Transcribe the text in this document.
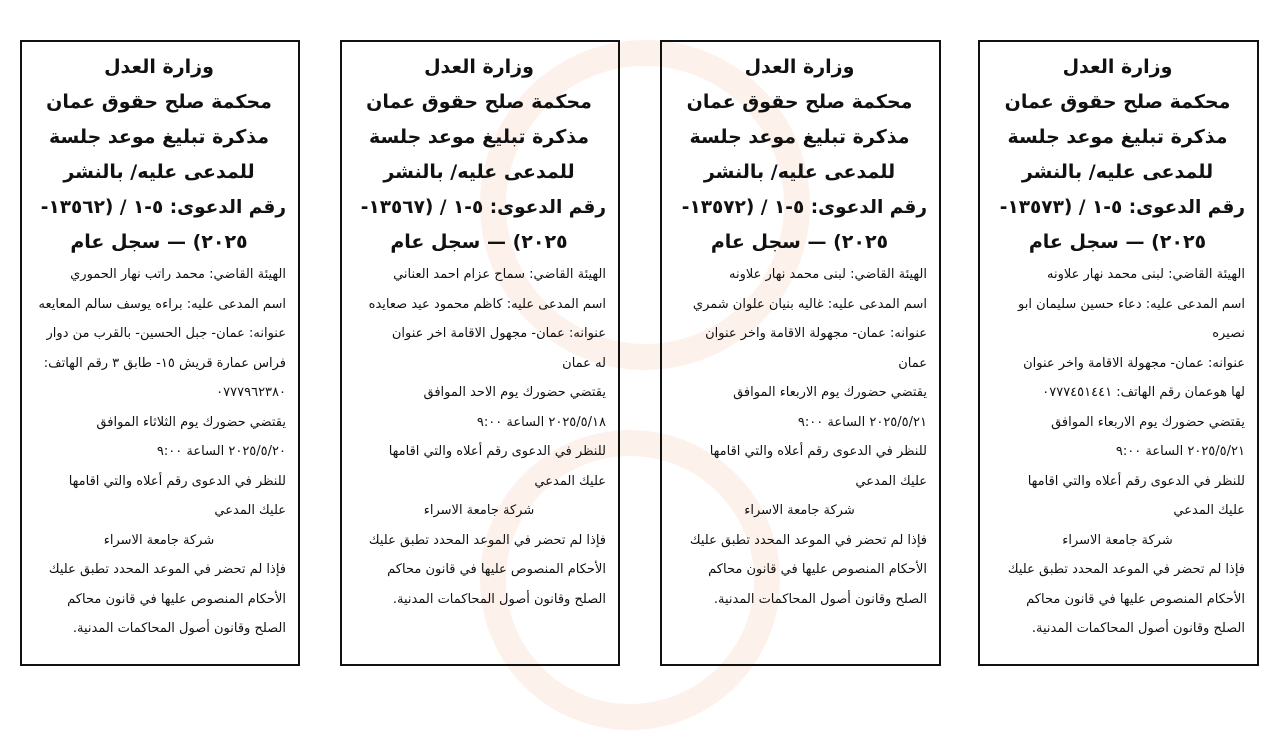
وزارة العدل

محكمة صلح حقوق عمان

مذكرة تبليغ موعد جلسة

للمدعى عليه/ بالنشر

رقم الدعوى: ٥-١ / (١٣٥٧٣-

٢٠٢٥) — سجل عام

الهيئة القاضي: لبنى محمد نهار علاونه

اسم المدعى عليه: دعاء حسين سليمان ابو

نصيره

عنوانه: عمان- مجهولة الاقامة واخر عنوان

لها هوعمان رقم الهاتف: ٠٧٧٧٤٥١٤٤١

يقتضي حضورك يوم الاربعاء الموافق

٢٠٢٥/٥/٢١ الساعة ٩:٠٠

للنظر في الدعوى رقم أعلاه والتي اقامها

عليك المدعي

شركة جامعة الاسراء

فإذا لم تحضر في الموعد المحدد تطبق عليك

الأحكام المنصوص عليها في قانون محاكم

الصلح وقانون أصول المحاكمات المدنية.

وزارة العدل

محكمة صلح حقوق عمان

مذكرة تبليغ موعد جلسة

للمدعى عليه/ بالنشر

رقم الدعوى: ٥-١ / (١٣٥٧٢-

٢٠٢٥) — سجل عام

الهيئة القاضي: لبنى محمد نهار علاونه

اسم المدعى عليه: غاليه بنيان علوان شمري

عنوانه: عمان- مجهولة الاقامة واخر عنوان

عمان

يقتضي حضورك يوم الاربعاء الموافق

٢٠٢٥/٥/٢١ الساعة ٩:٠٠

للنظر في الدعوى رقم أعلاه والتي اقامها

عليك المدعي

شركة جامعة الاسراء

فإذا لم تحضر في الموعد المحدد تطبق عليك

الأحكام المنصوص عليها في قانون محاكم

الصلح وقانون أصول المحاكمات المدنية.

وزارة العدل

محكمة صلح حقوق عمان

مذكرة تبليغ موعد جلسة

للمدعى عليه/ بالنشر

رقم الدعوى: ٥-١ / (١٣٥٦٧-

٢٠٢٥) — سجل عام

الهيئة القاضي: سماح عزام احمد العناني

اسم المدعى عليه: كاظم محمود عيد صعايده

عنوانه: عمان- مجهول الاقامة اخر عنوان

له عمان

يقتضي حضورك يوم الاحد الموافق

٢٠٢٥/٥/١٨ الساعة ٩:٠٠

للنظر في الدعوى رقم أعلاه والتي اقامها

عليك المدعي

شركة جامعة الاسراء

فإذا لم تحضر في الموعد المحدد تطبق عليك

الأحكام المنصوص عليها في قانون محاكم

الصلح وقانون أصول المحاكمات المدنية.

وزارة العدل

محكمة صلح حقوق عمان

مذكرة تبليغ موعد جلسة

للمدعى عليه/ بالنشر

رقم الدعوى: ٥-١ / (١٣٥٦٢-

٢٠٢٥) — سجل عام

الهيئة القاضي: محمد راتب نهار الحموري

اسم المدعى عليه: براءه يوسف سالم المعايعه

عنوانه: عمان- جبل الحسين- بالقرب من دوار

فراس عمارة قريش ١٥- طابق ٣ رقم الهاتف:

٠٧٧٧٩٦٢٣٨٠

يقتضي حضورك يوم الثلاثاء الموافق

٢٠٢٥/٥/٢٠ الساعة ٩:٠٠

للنظر في الدعوى رقم أعلاه والتي اقامها

عليك المدعي

شركة جامعة الاسراء

فإذا لم تحضر في الموعد المحدد تطبق عليك

الأحكام المنصوص عليها في قانون محاكم

الصلح وقانون أصول المحاكمات المدنية.
